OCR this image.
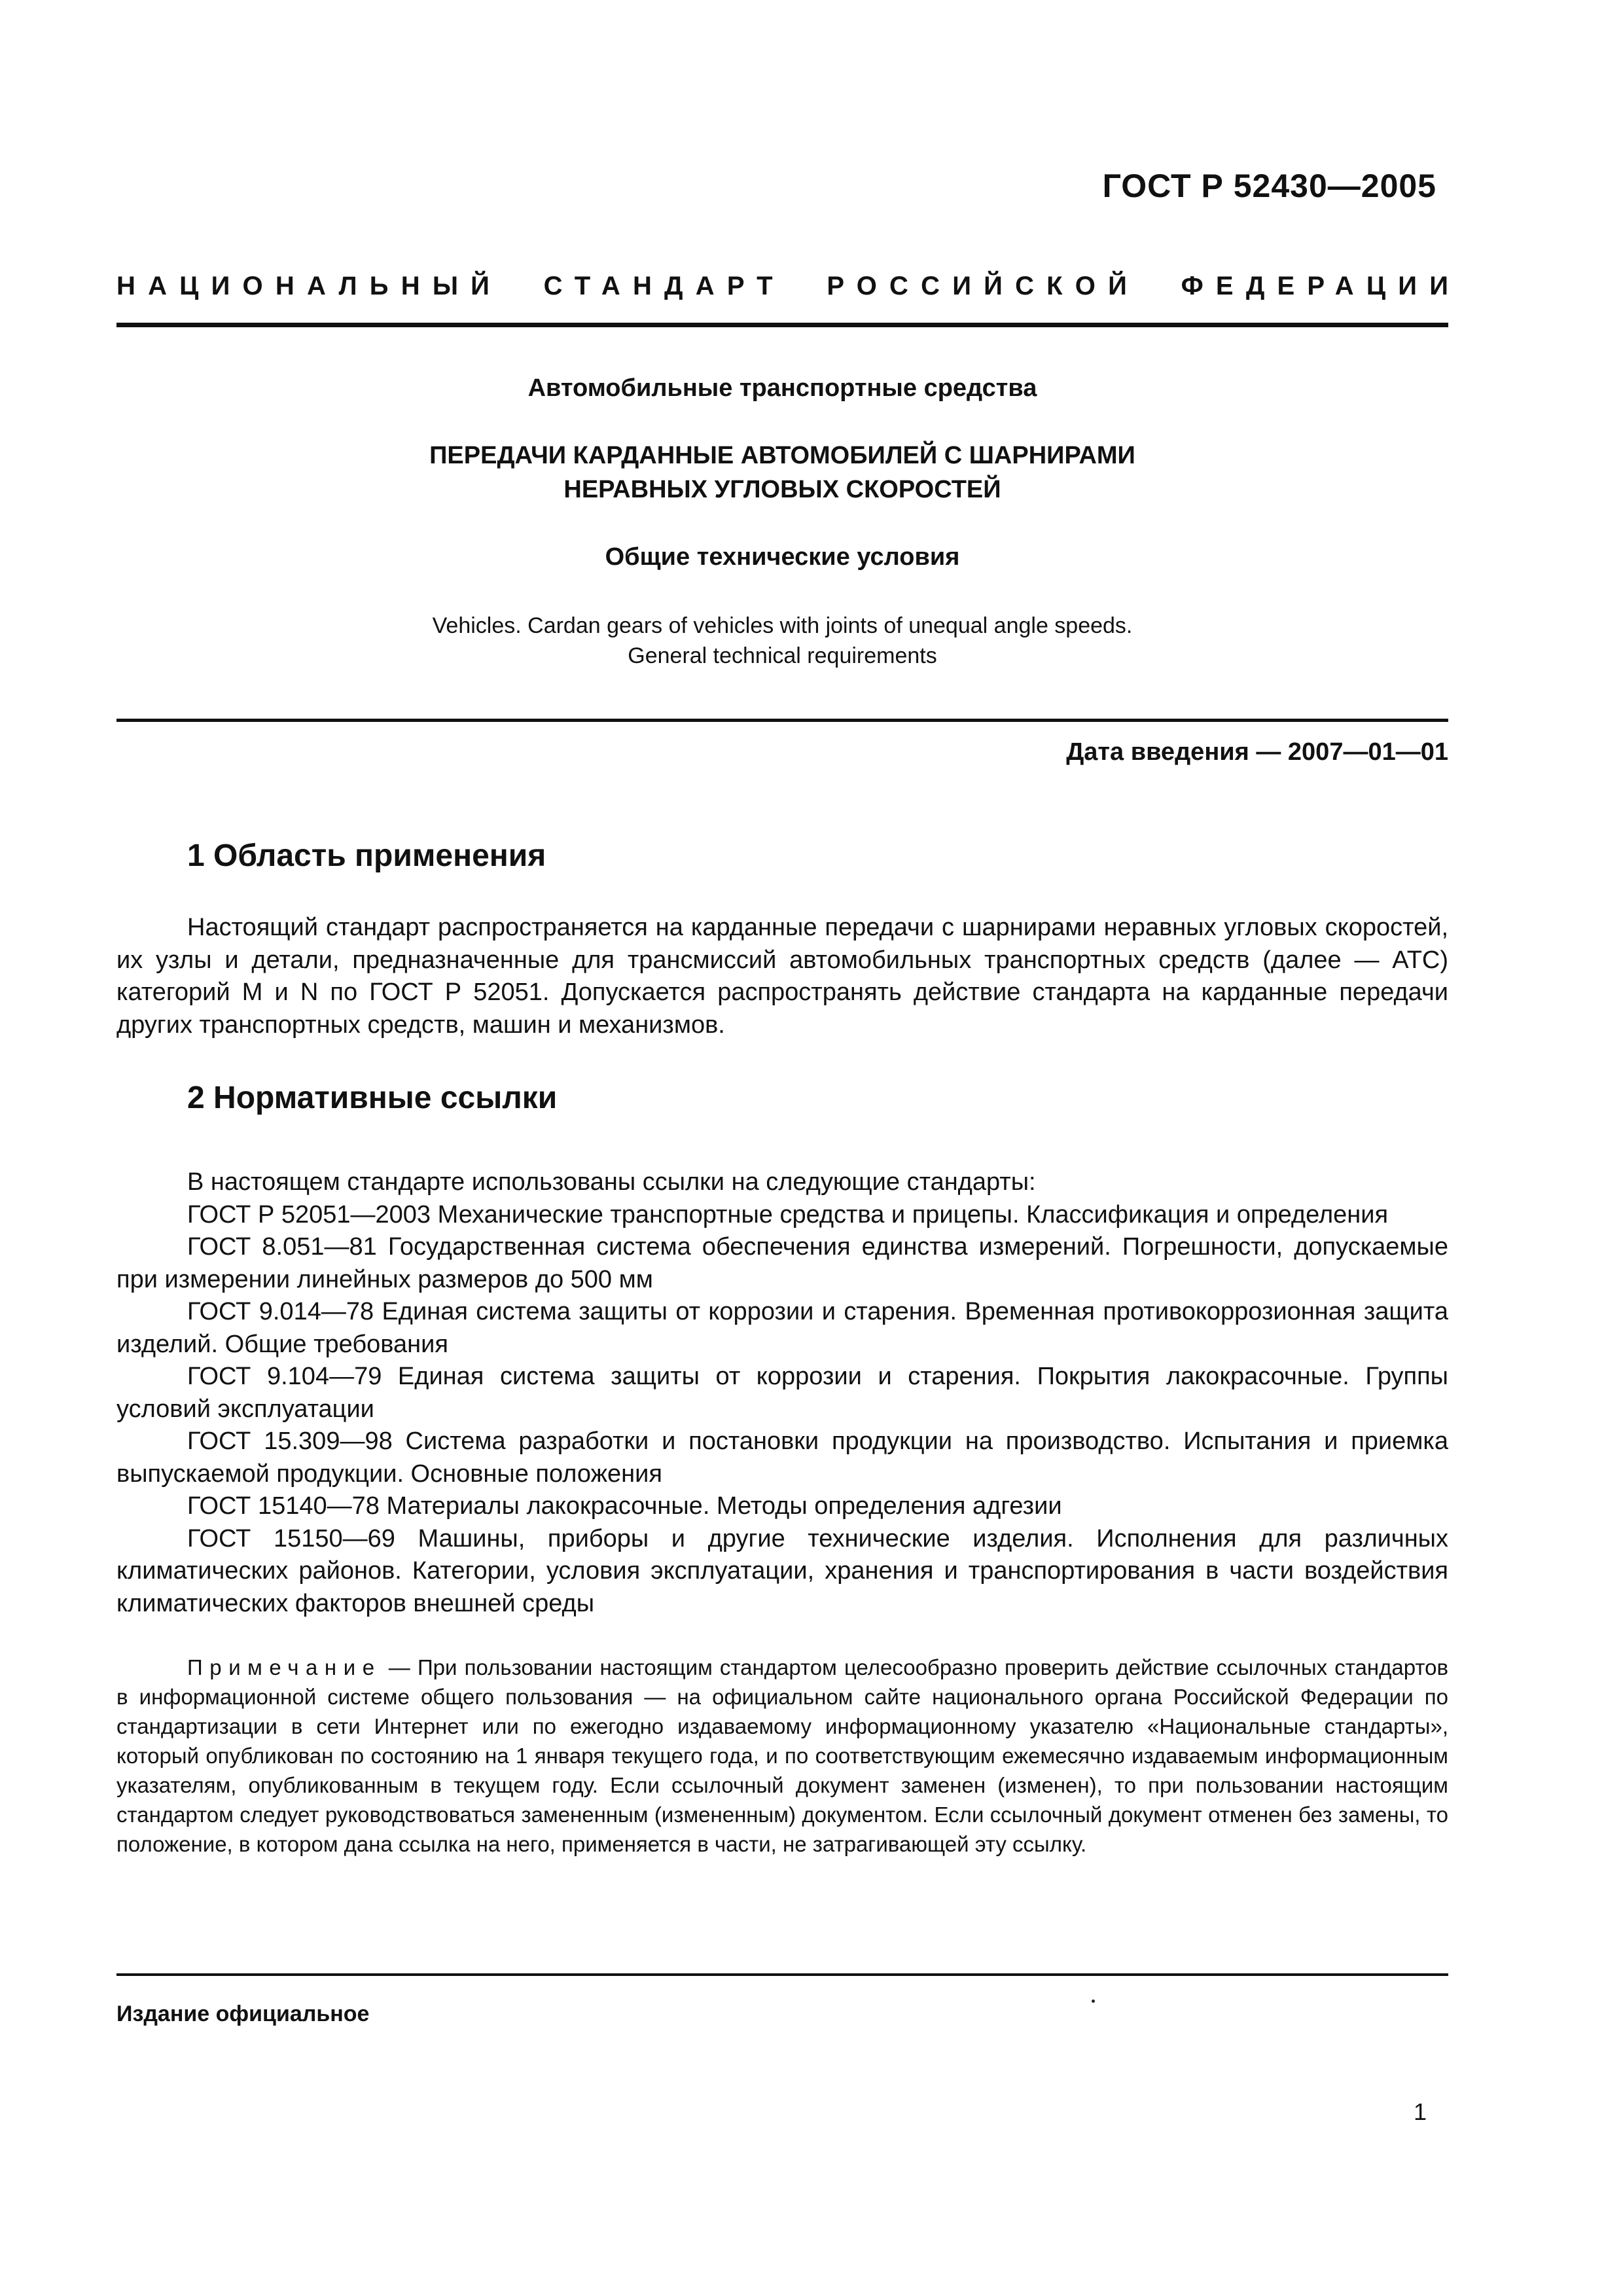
ГОСТ Р 52430—2005
НАЦИОНАЛЬНЫЙ СТАНДАРТ РОССИЙСКОЙ ФЕДЕРАЦИИ
Автомобильные транспортные средства
ПЕРЕДАЧИ КАРДАННЫЕ АВТОМОБИЛЕЙ С ШАРНИРАМИ
НЕРАВНЫХ УГЛОВЫХ СКОРОСТЕЙ
Общие технические условия
Vehicles. Cardan gears of vehicles with joints of unequal angle speeds.
General technical requirements
Дата введения — 2007—01—01
1 Область применения

Настоящий стандарт распространяется на карданные передачи с шарнирами неравных угловых скоростей, их узлы и детали, предназначенные для трансмиссий автомобильных транспортных средств (далее — АТС) категорий M и N по ГОСТ Р 52051. Допускается распространять действие стандарта на карданные передачи других транспортных средств, машин и механизмов.

2 Нормативные ссылки

В настоящем стандарте использованы ссылки на следующие стандарты:

ГОСТ Р 52051—2003 Механические транспортные средства и прицепы. Классификация и определения

ГОСТ 8.051—81 Государственная система обеспечения единства измерений. Погрешности, допускаемые при измерении линейных размеров до 500 мм

ГОСТ 9.014—78 Единая система защиты от коррозии и старения. Временная противокоррозионная защита изделий. Общие требования

ГОСТ 9.104—79 Единая система защиты от коррозии и старения. Покрытия лакокрасочные. Группы условий эксплуатации

ГОСТ 15.309—98 Система разработки и постановки продукции на производство. Испытания и приемка выпускаемой продукции. Основные положения

ГОСТ 15140—78 Материалы лакокрасочные. Методы определения адгезии

ГОСТ 15150—69 Машины, приборы и другие технические изделия. Исполнения для различных климатических районов. Категории, условия эксплуатации, хранения и транспортирования в части воздействия климатических факторов внешней среды

Примечание — При пользовании настоящим стандартом целесообразно проверить действие ссылочных стандартов в информационной системе общего пользования — на официальном сайте национального органа Российской Федерации по стандартизации в сети Интернет или по ежегодно издаваемому информационному указателю «Национальные стандарты», который опубликован по состоянию на 1 января текущего года, и по соответствующим ежемесячно издаваемым информационным указателям, опубликованным в текущем году. Если ссылочный документ заменен (изменен), то при пользовании настоящим стандартом следует руководствоваться замененным (измененным) документом. Если ссылочный документ отменен без замены, то положение, в котором дана ссылка на него, применяется в части, не затрагивающей эту ссылку.

Издание официальное
1
